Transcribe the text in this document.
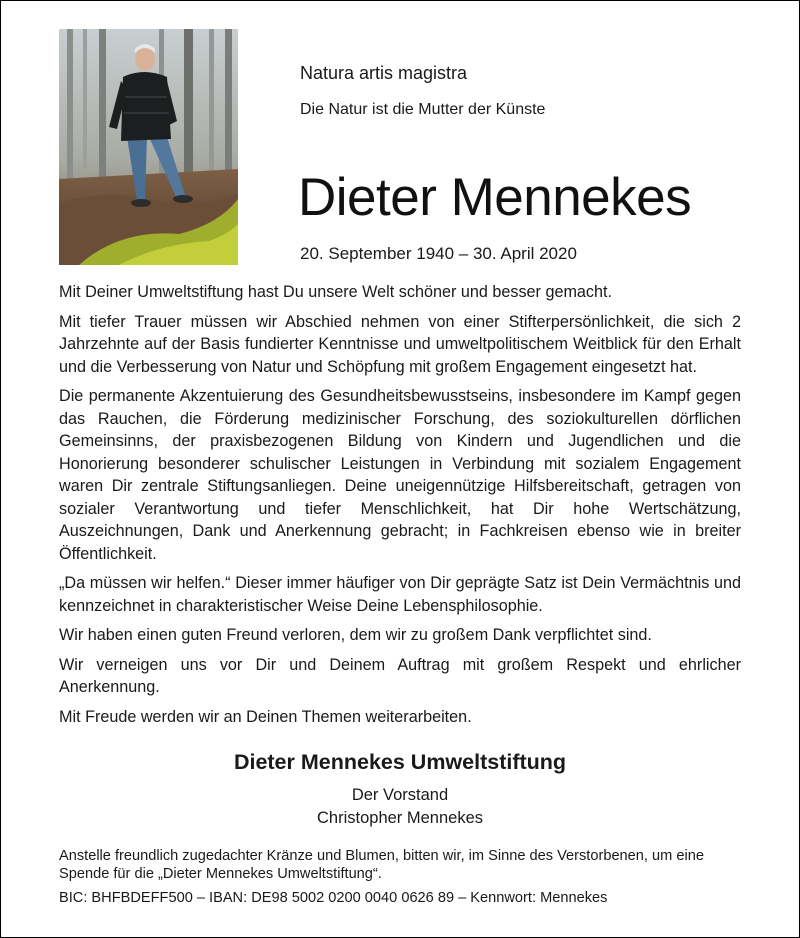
Natura artis magistra
Die Natur ist die Mutter der Künste
Dieter Mennekes
20. September 1940 – 30. April 2020

Mit Deiner Umweltstiftung hast Du unsere Welt schöner und besser gemacht.

Mit tiefer Trauer müssen wir Abschied nehmen von einer Stifterpersönlichkeit, die sich 2 Jahrzehnte auf der Basis fundierter Kenntnisse und umweltpolitischem Weitblick für den Erhalt und die Verbesserung von Natur und Schöpfung mit großem Engagement eingesetzt hat.

Die permanente Akzentuierung des Gesundheitsbewusstseins, insbesondere im Kampf gegen das Rauchen, die Förderung medizinischer Forschung, des soziokulturellen dörflichen Gemeinsinns, der praxisbezogenen Bildung von Kindern und Jugendlichen und die Honorierung besonderer schulischer Leistungen in Verbindung mit sozialem Engagement waren Dir zentrale Stiftungsanliegen. Deine uneigennützige Hilfsbereitschaft, getragen von sozialer Verantwortung und tiefer Menschlichkeit, hat Dir hohe Wertschätzung, Auszeichnungen, Dank und Anerkennung gebracht; in Fachkreisen ebenso wie in breiter Öffentlichkeit.

„Da müssen wir helfen.“ Dieser immer häufiger von Dir geprägte Satz ist Dein Vermächtnis und kennzeichnet in charakteristischer Weise Deine Lebensphilosophie.

Wir haben einen guten Freund verloren, dem wir zu großem Dank verpflichtet sind.

Wir verneigen uns vor Dir und Deinem Auftrag mit großem Respekt und ehrlicher Anerkennung.

Mit Freude werden wir an Deinen Themen weiterarbeiten.

Dieter Mennekes Umweltstiftung
Der Vorstand
Christopher Mennekes
Anstelle freundlich zugedachter Kränze und Blumen, bitten wir, im Sinne des Verstorbenen, um eine Spende für die „Dieter Mennekes Umweltstiftung“.
BIC: BHFBDEFF500 – IBAN: DE98 5002 0200 0040 0626 89 – Kennwort: Mennekes
